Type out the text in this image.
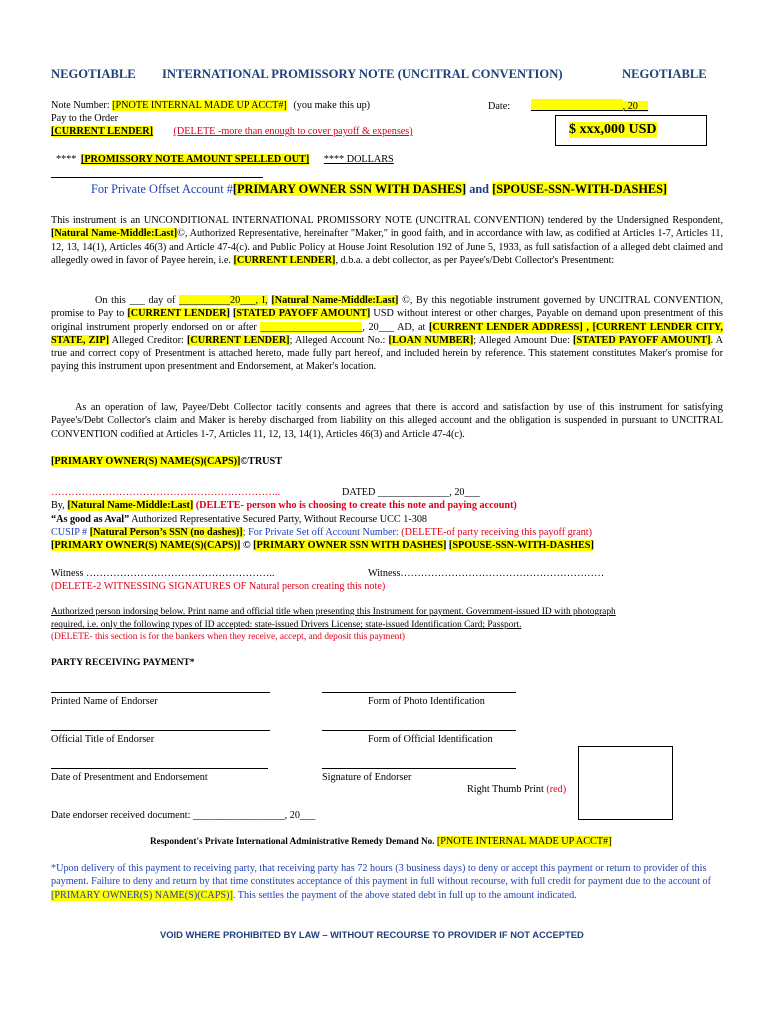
NEGOTIABLE INTERNATIONAL PROMISSORY NOTE (UNCITRAL CONVENTION)	NEGOTIABLE
Note Number: [PNOTE INTERNAL MADE UP ACCT#] (you make this up)	Date:	, 20__
Pay to the Order
[CURRENT LENDER] (DELETE -more than enough to cover payoff & expenses)	$ xxx,000 USD
**** [PROMISSORY NOTE AMOUNT SPELLED OUT] **** DOLLARS
For Private Offset Account #[PRIMARY OWNER SSN WITH DASHES] and [SPOUSE-SSN-WITH-DASHES]
This instrument is an UNCONDITIONAL INTERNATIONAL PROMISSORY NOTE (UNCITRAL CONVENTION) tendered by the Undersigned Respondent, [Natural Name-Middle:Last]©, Authorized Representative, hereinafter "Maker," in good faith, and in accordance with law, as codified at Articles 1-7, Articles 11, 12, 13, 14(1), Articles 46(3) and Article 47-4(c). and Public Policy at House Joint Resolution 192 of June 5, 1933, as full satisfaction of a alleged debt claimed and allegedly owed in favor of Payee herein, i.e. [CURRENT LENDER], d.b.a. a debt collector, as per Payee's/Debt Collector's Presentment:
On this ___ day of __________20___, I, [Natural Name-Middle:Last] ©, By this negotiable instrument governed by UNCITRAL CONVENTION, promise to Pay to [CURRENT LENDER] [STATED PAYOFF AMOUNT] USD without interest or other charges, Payable on demand upon presentment of this original instrument properly endorsed on or after ____________________, 20___ AD, at [CURRENT LENDER ADDRESS] , [CURRENT LENDER CITY, STATE, ZIP] Alleged Creditor: [CURRENT LENDER]; Alleged Account No.: [LOAN NUMBER]; Alleged Amount Due: [STATED PAYOFF AMOUNT]. A true and correct copy of Presentment is attached hereto, made fully part hereof, and included herein by reference. This statement constitutes Maker's promise for paying this instrument upon presentment and Endorsement, at Maker's location.
As an operation of law, Payee/Debt Collector tacitly consents and agrees that there is accord and satisfaction by use of this instrument for satisfying Payee's/Debt Collector's claim and Maker is hereby discharged from liability on this alleged account and the obligation is suspended in pursuant to UNCITRAL CONVENTION codified at Articles 1-7, Articles 11, 12, 13, 14(1), Articles 46(3) and Article 47-4(c).
[PRIMARY OWNER(S) NAME(S)(CAPS)]©TRUST
…………………………………………………………..	DATED ______________, 20___
By, [Natural Name-Middle:Last] (DELETE- person who is choosing to create this note and paying account)
“As good as Aval” Authorized Representative Secured Party, Without Recourse UCC 1-308
CUSIP # [Natural Person’s SSN (no dashes)]; For Private Set off Account Number: (DELETE-of party receiving this payoff grant)
[PRIMARY OWNER(S) NAME(S)(CAPS)] © [PRIMARY OWNER SSN WITH DASHES] [SPOUSE-SSN-WITH-DASHES]
Witness ………………………………………………..	Witness……………………………………………………
(DELETE-2 WITNESSING SIGNATURES OF Natural person creating this note)
Authorized person indorsing below. Print name and official title when presenting this Instrument for payment. Government-issued ID with photograph
required, i.e. only the following types of ID accepted: state-issued Drivers License; state-issued Identification Card; Passport.
(DELETE- this section is for the bankers when they receive, accept, and deposit this payment)
PARTY RECEIVING PAYMENT*
Printed Name of Endorser	Form of Photo Identification
Official Title of Endorser	Form of Official Identification
Date of Presentment and Endorsement	Signature of Endorser
Right Thumb Print (red)
Date endorser received document: __________________, 20___
Respondent's Private International Administrative Remedy Demand No. [PNOTE INTERNAL MADE UP ACCT#]
*Upon delivery of this payment to receiving party, that receiving party has 72 hours (3 business days) to deny or accept this payment or return to provider of this payment. Failure to deny and return by that time constitutes acceptance of this payment in full without recourse, with full credit for payment due to the account of [PRIMARY OWNER(S) NAME(S)(CAPS)]. This settles the payment of the above stated debt in full up to the amount indicated.
VOID WHERE PROHIBITED BY LAW – WITHOUT RECOURSE TO PROVIDER IF NOT ACCEPTED
